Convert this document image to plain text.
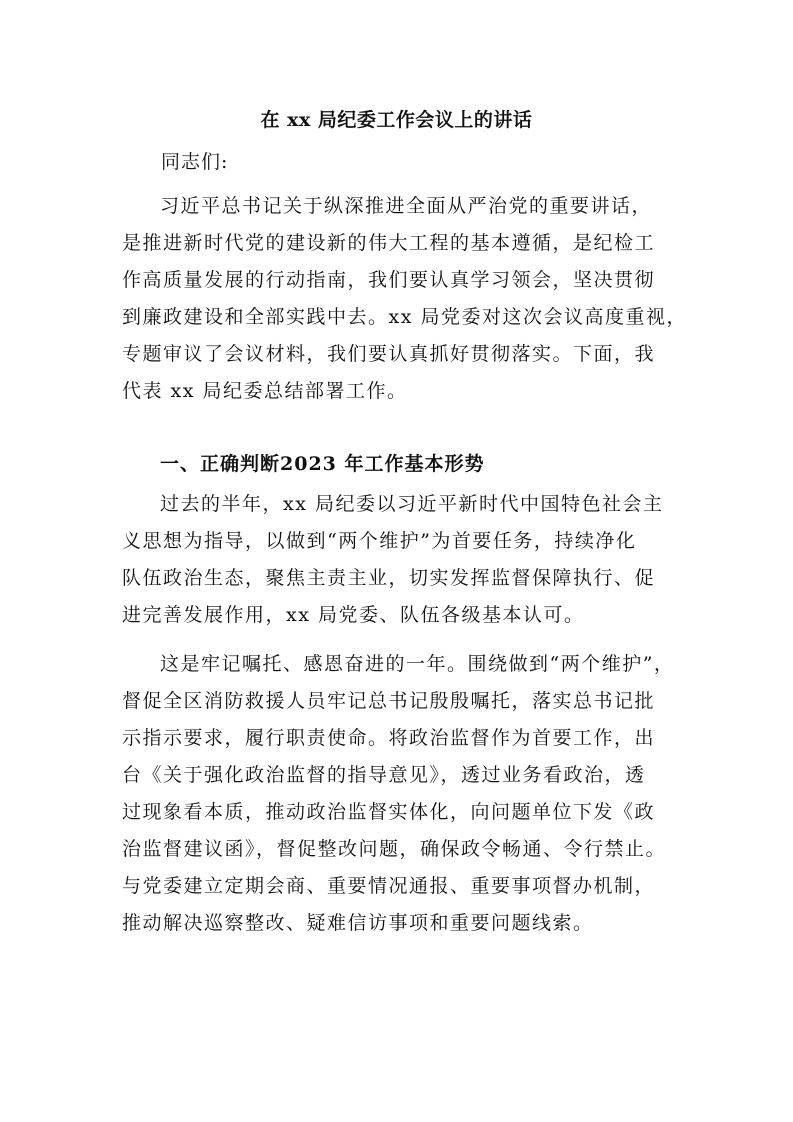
在 xx 局纪委工作会议上的讲话
同志们:
习近平总书记关于纵深推进全面从严治党的重要讲话，
是推进新时代党的建设新的伟大工程的基本遵循，是纪检工
作高质量发展的行动指南，我们要认真学习领会，坚决贯彻
到廉政建设和全部实践中去。xx 局党委对这次会议高度重视，
专题审议了会议材料，我们要认真抓好贯彻落实。下面，我
代表 xx 局纪委总结部署工作。
一、正确判断2023 年工作基本形势
过去的半年，xx 局纪委以习近平新时代中国特色社会主
义思想为指导，以做到“两个维护”为首要任务，持续净化
队伍政治生态，聚焦主责主业，切实发挥监督保障执行、促
进完善发展作用，xx 局党委、队伍各级基本认可。
这是牢记嘱托、感恩奋进的一年。围绕做到“两个维护”，
督促全区消防救援人员牢记总书记殷殷嘱托，落实总书记批
示指示要求，履行职责使命。将政治监督作为首要工作，出
台《关于强化政治监督的指导意见》，透过业务看政治，透
过现象看本质，推动政治监督实体化，向问题单位下发《政
治监督建议函》，督促整改问题，确保政令畅通、令行禁止。
与党委建立定期会商、重要情况通报、重要事项督办机制，
推动解决巡察整改、疑难信访事项和重要问题线索。
